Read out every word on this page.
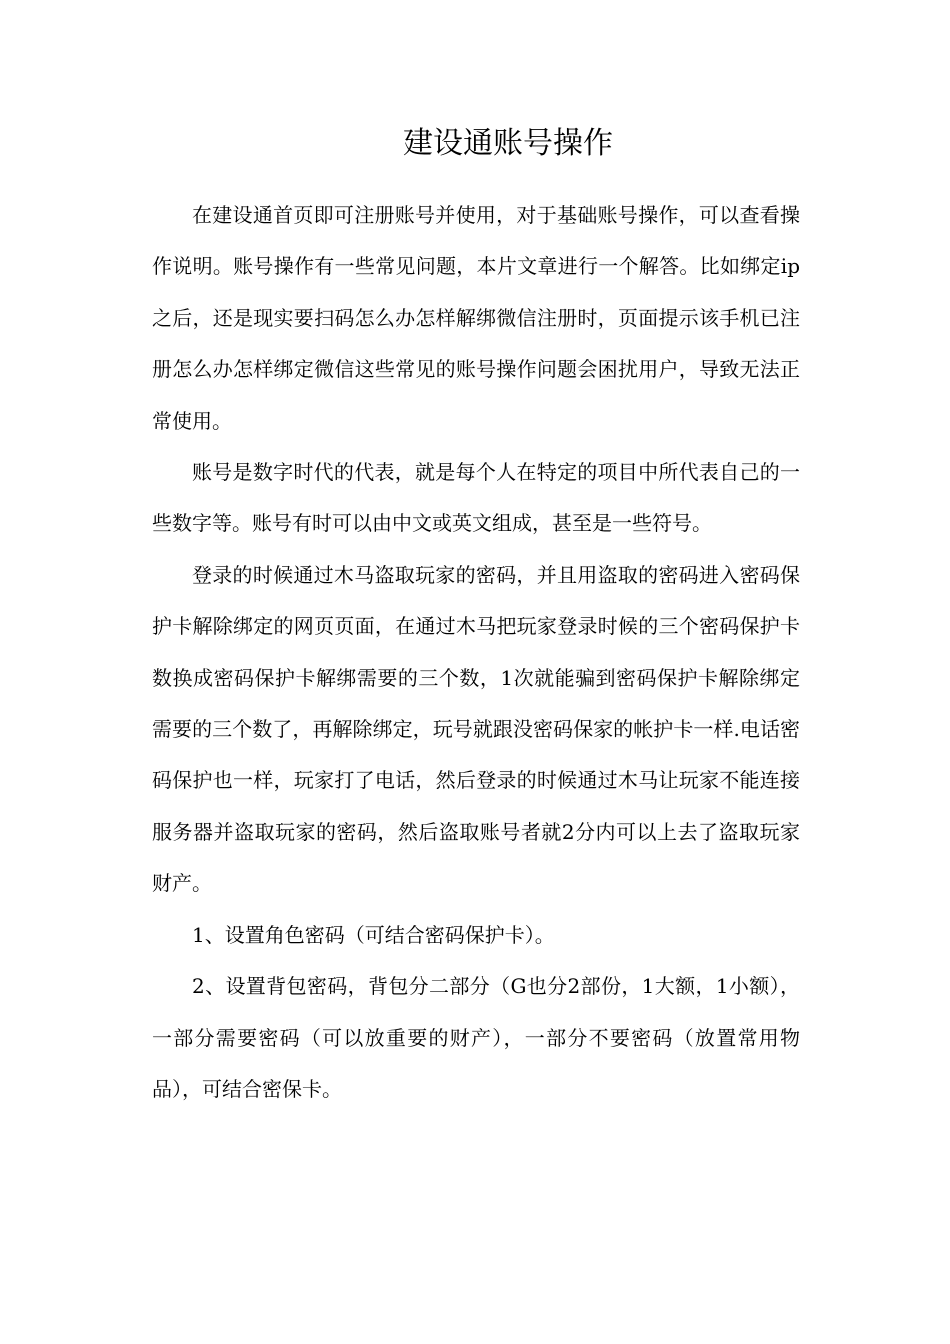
建设通账号操作

在建设通首页即可注册账号并使用，对于基础账号操作，可以查看操作说明。账号操作有一些常见问题，本片文章进行一个解答。比如绑定ip之后，还是现实要扫码怎么办怎样解绑微信注册时，页面提示该手机已注册怎么办怎样绑定微信这些常见的账号操作问题会困扰用户，导致无法正常使用。

账号是数字时代的代表，就是每个人在特定的项目中所代表自己的一些数字等。账号有时可以由中文或英文组成，甚至是一些符号。

登录的时候通过木马盗取玩家的密码，并且用盗取的密码进入密码保护卡解除绑定的网页页面，在通过木马把玩家登录时候的三个密码保护卡数换成密码保护卡解绑需要的三个数，1次就能骗到密码保护卡解除绑定需要的三个数了，再解除绑定，玩号就跟没密码保家的帐护卡一样.电话密码保护也一样，玩家打了电话，然后登录的时候通过木马让玩家不能连接服务器并盗取玩家的密码，然后盗取账号者就2分内可以上去了盗取玩家财产。

1、设置角色密码（可结合密码保护卡）。

2、设置背包密码，背包分二部分（G也分2部份，1大额，1小额），一部分需要密码（可以放重要的财产），一部分不要密码（放置常用物品），可结合密保卡。
